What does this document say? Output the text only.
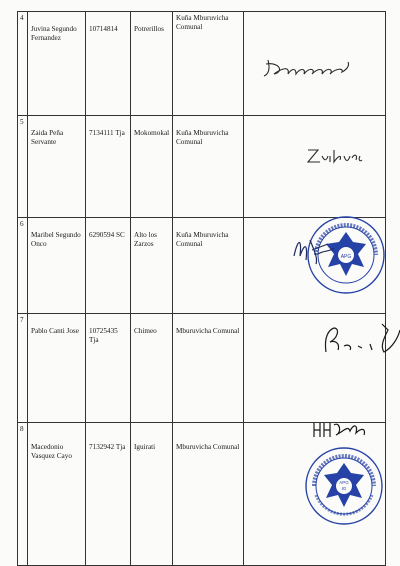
4	Juvina Segundo Fernandez	10714814	Potrerillos	Kuña Mburuvicha Comunal	

5	Zaida Peña Servante	7134111 Tja	Mokomokal	Kuña Mburuvicha Comunal	

6	Maribel Segundo Onco	6290594 SC	Alto los Zarzos	Kuña Mburuvicha Comunal	APG

7	Pablo Canti Jose	10725435 Tja	Chimeo	Mburuvicha Comunal	

8	Macedonio Vasquez Cayo	7132942 Tja	Iguirati	Mburuvicha Comunal	APG
IG
